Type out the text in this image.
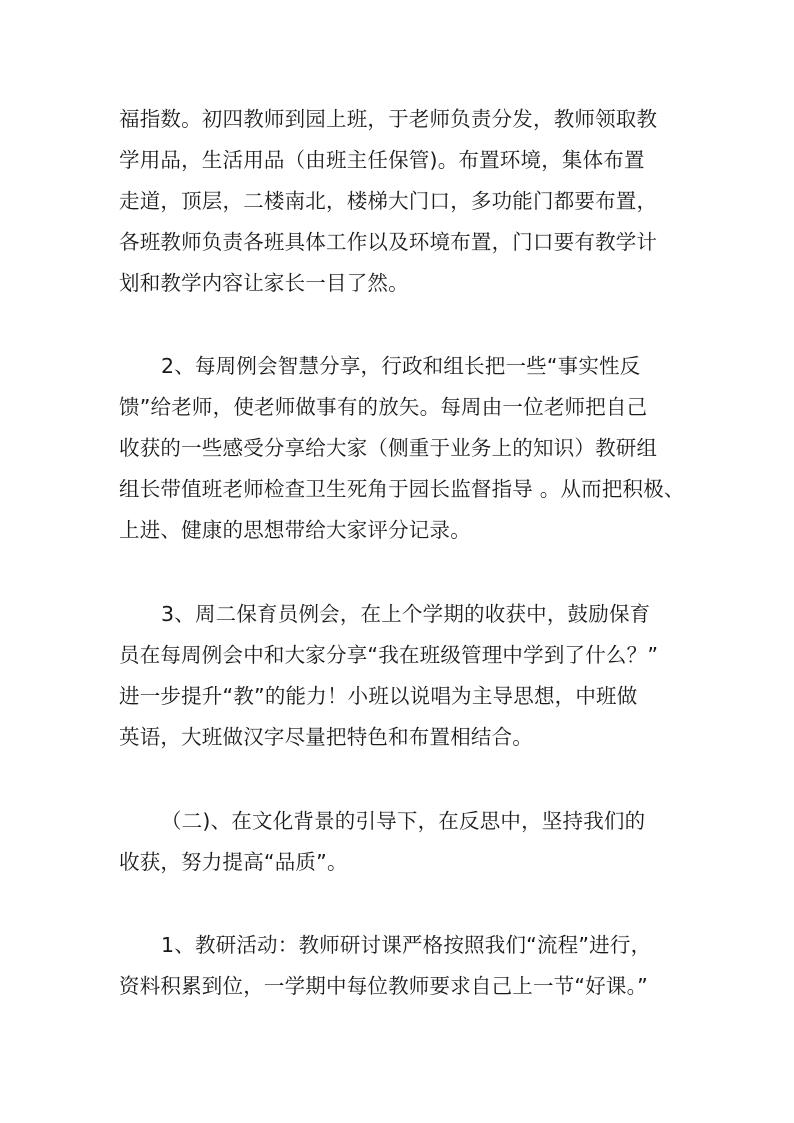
福指数。初四教师到园上班，于老师负责分发，教师领取教
学用品，生活用品（由班主任保管)。布置环境，集体布置
走道，顶层，二楼南北，楼梯大门口，多功能门都要布置，
各班教师负责各班具体工作以及环境布置，门口要有教学计
划和教学内容让家长一目了然。
2、每周例会智慧分享，行政和组长把一些“事实性反
馈”给老师，使老师做事有的放矢。每周由一位老师把自己
收获的一些感受分享给大家（侧重于业务上的知识）教研组
组长带值班老师检查卫生死角于园长监督指导 。从而把积极、
上进、健康的思想带给大家评分记录。
3、周二保育员例会，在上个学期的收获中，鼓励保育
员在每周例会中和大家分享“我在班级管理中学到了什么？”
进一步提升“教”的能力！小班以说唱为主导思想，中班做
英语，大班做汉字尽量把特色和布置相结合。
（二)、在文化背景的引导下，在反思中，坚持我们的
收获，努力提高“品质”。
1、教研活动：教师研讨课严格按照我们“流程”进行，
资料积累到位，一学期中每位教师要求自己上一节“好课。”
